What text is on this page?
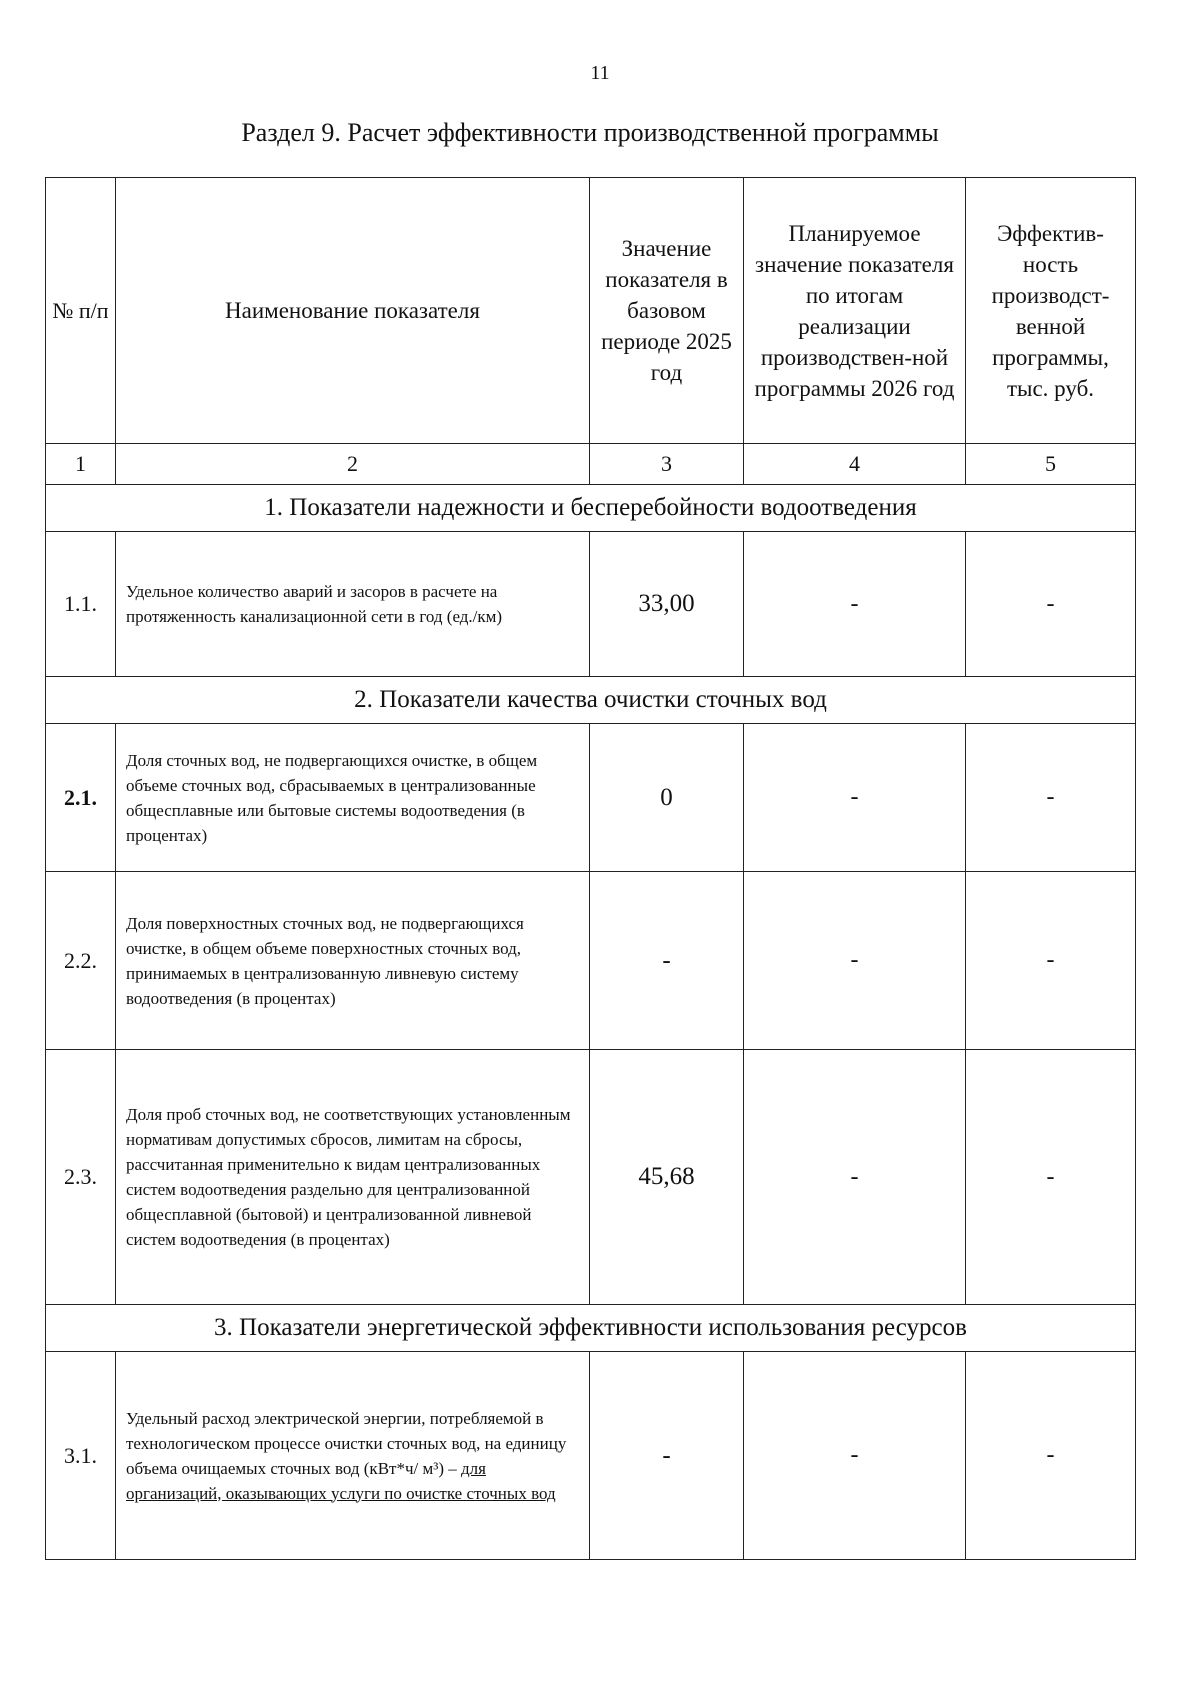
11
Раздел 9. Расчет эффективности производственной программы
№ п/п	Наименование показателя	Значение показателя в базовом периоде 2025 год	Планируемое значение показателя по итогам реализации производствен-ной программы 2026 год	Эффектив-ность производст-венной программы, тыс. руб.
1	2	3	4	5
1. Показатели надежности и бесперебойности водоотведения				
1.1.	Удельное количество аварий и засоров в расчете на протяженность канализационной сети в год (ед./км)	33,00	-	-
2. Показатели качества очистки сточных вод				
2.1.	Доля сточных вод, не подвергающихся очистке, в общем объеме сточных вод, сбрасываемых в централизованные общесплавные или бытовые системы водоотведения (в процентах)	0	-	-
2.2.	Доля поверхностных сточных вод, не подвергающихся очистке, в общем объеме поверхностных сточных вод, принимаемых в централизованную ливневую систему водоотведения (в процентах)	-	-	-
2.3.	Доля проб сточных вод, не соответствующих установленным нормативам допустимых сбросов, лимитам на сбросы, рассчитанная применительно к видам централизованных систем водоотведения раздельно для централизованной общесплавной (бытовой) и централизованной ливневой систем водоотведения (в процентах)	45,68	-	-
3. Показатели энергетической эффективности использования ресурсов				
3.1.	Удельный расход электрической энергии, потребляемой в технологическом процессе очистки сточных вод, на единицу объема очищаемых сточных вод (кВт*ч/ м³) – для организаций, оказывающих услуги по очистке сточных вод	-	-	-
